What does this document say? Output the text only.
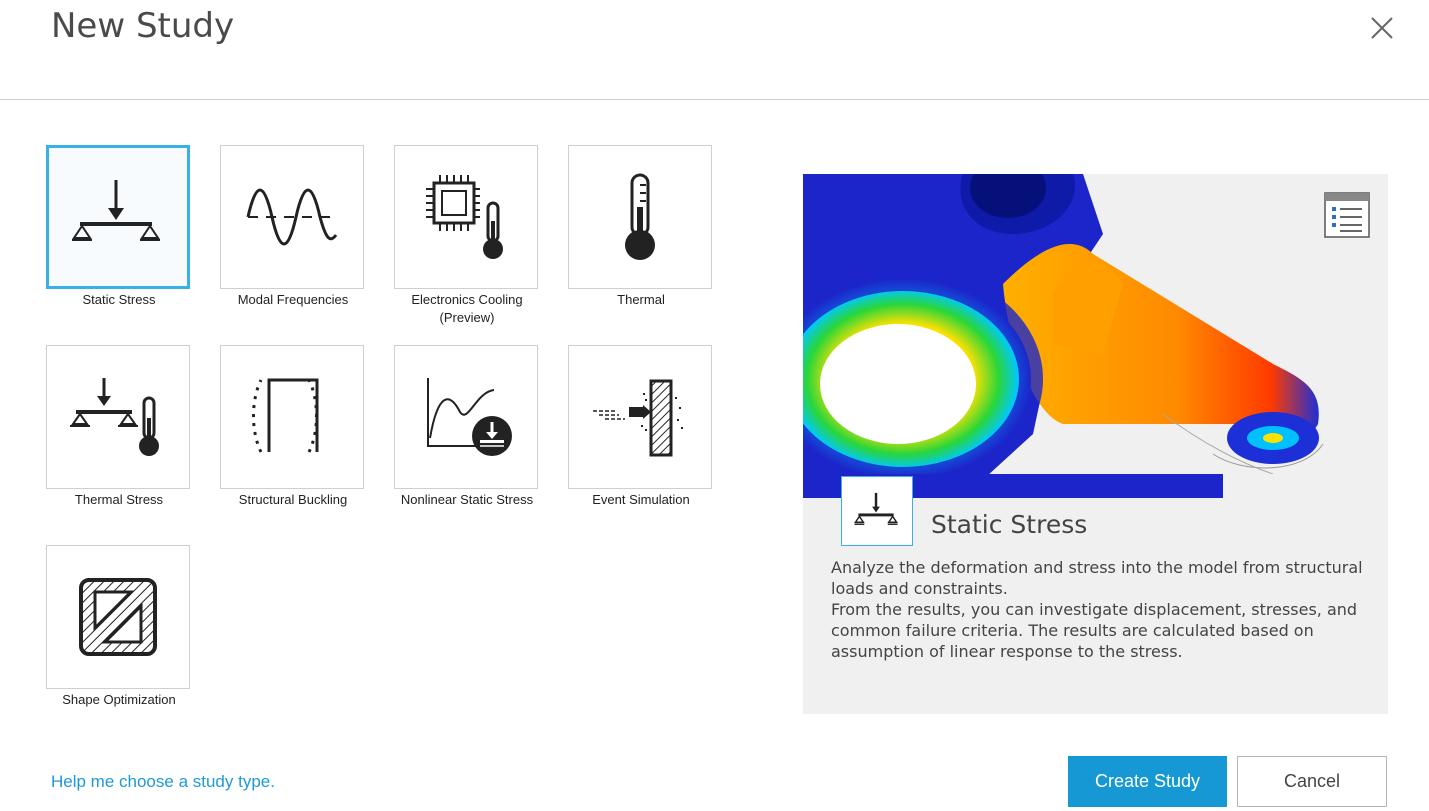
New Study
Static Stress	Modal Frequencies	Electronics Cooling (Preview)
Thermal
Thermal Stress	Structural Buckling	Nonlinear Static Stress	Event Simulation
Shape Optimization
Static Stress

Analyze the deformation and stress into the model from structural loads and constraints.

From the results, you can investigate displacement, stresses, and common failure criteria. The results are calculated based on assumption of linear response to the stress.

Help me choose a study type.	Create Study	Cancel
